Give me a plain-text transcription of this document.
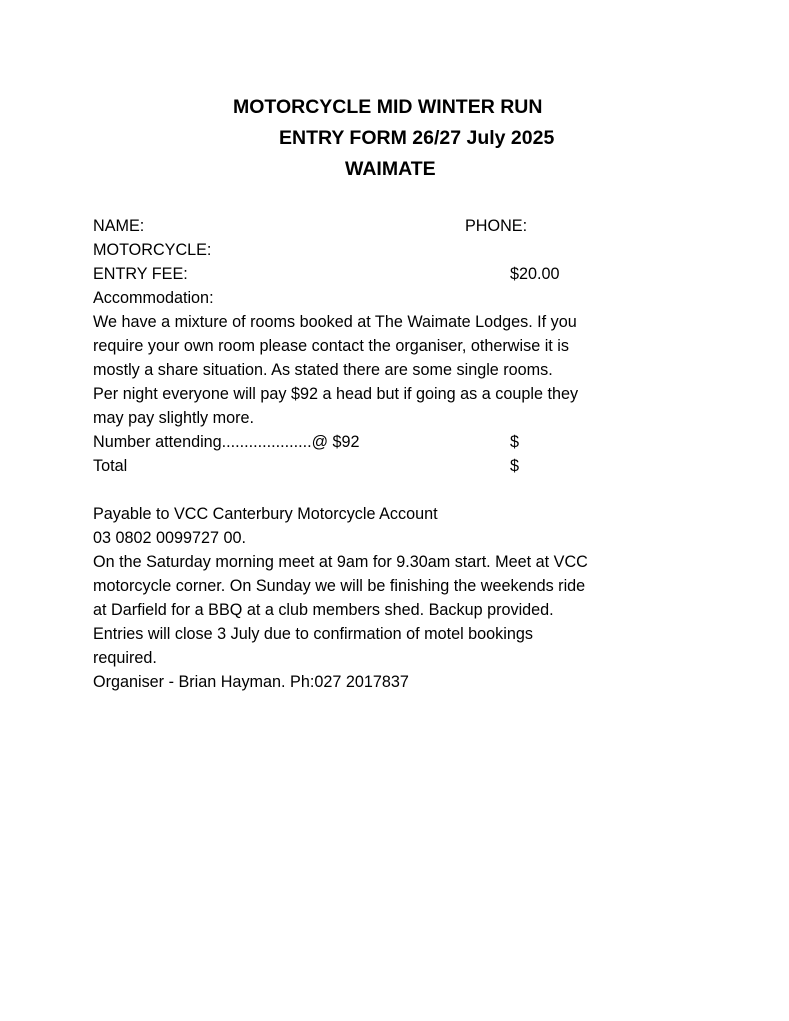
MOTORCYCLE MID WINTER RUN
ENTRY FORM 26/27 July 2025
WAIMATE
NAME:	PHONE:
MOTORCYCLE:
ENTRY FEE:	$20.00
Accommodation:
We have a mixture of rooms booked at The Waimate Lodges. If you
require your own room please contact the organiser, otherwise it is
mostly a share situation. As stated there are some single rooms.
Per night everyone will pay $92 a head but if going as a couple they
may pay slightly more.
Number attending....................@ $92	$
Total	$
Payable to VCC Canterbury Motorcycle Account
03 0802 0099727 00.
On the Saturday morning meet at 9am for 9.30am start. Meet at VCC
motorcycle corner. On Sunday we will be finishing the weekends ride
at Darfield for a BBQ at a club members shed. Backup provided.
Entries will close 3 July due to confirmation of motel bookings
required.
Organiser - Brian Hayman. Ph:027 2017837
